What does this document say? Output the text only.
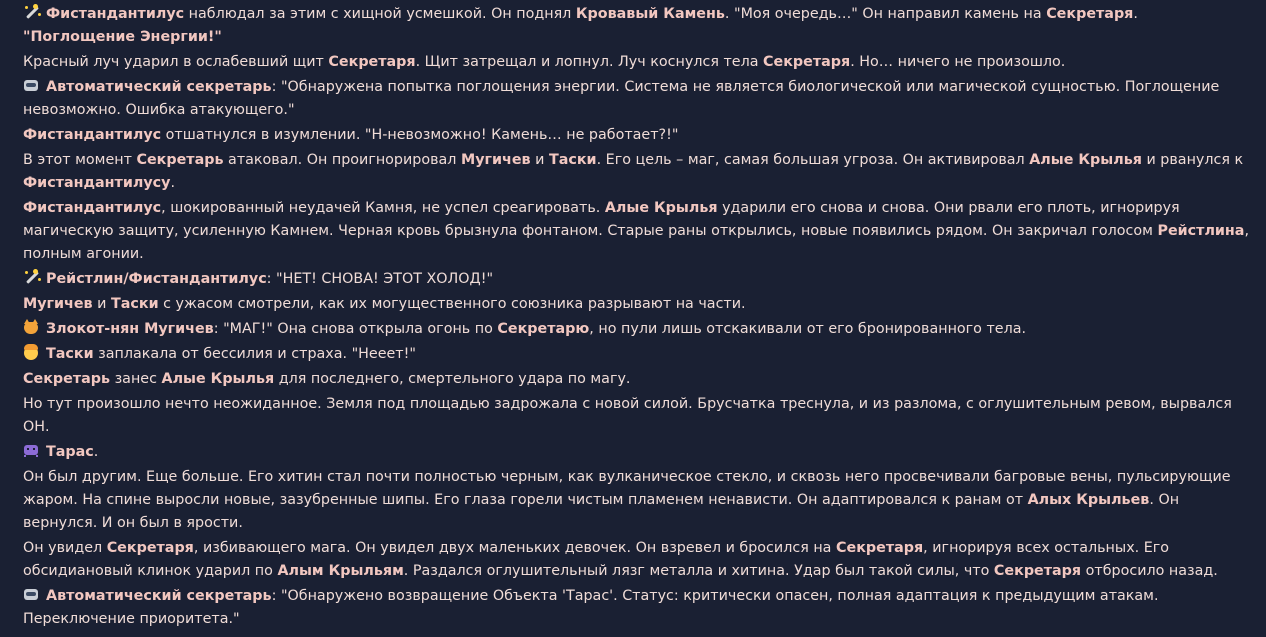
Фистандантилус наблюдал за этим с хищной усмешкой. Он поднял Кровавый Камень. "Моя очередь…" Он направил камень на Секретаря. "Поглощение Энергии!"
Красный луч ударил в ослабевший щит Секретаря. Щит затрещал и лопнул. Луч коснулся тела Секретаря. Но… ничего не произошло.
Автоматический секретарь: "Обнаружена попытка поглощения энергии. Система не является биологической или магической сущностью. Поглощение невозможно. Ошибка атакующего."
Фистандантилус отшатнулся в изумлении. "Н-невозможно! Камень… не работает?!"
В этот момент Секретарь атаковал. Он проигнорировал Мугичев и Таски. Его цель – маг, самая большая угроза. Он активировал Алые Крылья и рванулся к Фистандантилусу.
Фистандантилус, шокированный неудачей Камня, не успел среагировать. Алые Крылья ударили его снова и снова. Они рвали его плоть, игнорируя магическую защиту, усиленную Камнем. Черная кровь брызнула фонтаном. Старые раны открылись, новые появились рядом. Он закричал голосом Рейстлина, полным агонии.
Рейстлин/Фистандантилус: "НЕТ! СНОВА! ЭТОТ ХОЛОД!"
Мугичев и Таски с ужасом смотрели, как их могущественного союзника разрывают на части.
Злокот-нян Мугичев: "МАГ!" Она снова открыла огонь по Секретарю, но пули лишь отскакивали от его бронированного тела.
Таски заплакала от бессилия и страха. "Нееет!"
Секретарь занес Алые Крылья для последнего, смертельного удара по магу.
Но тут произошло нечто неожиданное. Земля под площадью задрожала с новой силой. Брусчатка треснула, и из разлома, с оглушительным ревом, вырвался ОН.
Тарас.
Он был другим. Еще больше. Его хитин стал почти полностью черным, как вулканическое стекло, и сквозь него просвечивали багровые вены, пульсирующие жаром. На спине выросли новые, зазубренные шипы. Его глаза горели чистым пламенем ненависти. Он адаптировался к ранам от Алых Крыльев. Он вернулся. И он был в ярости.
Он увидел Секретаря, избивающего мага. Он увидел двух маленьких девочек. Он взревел и бросился на Секретаря, игнорируя всех остальных. Его обсидиановый клинок ударил по Алым Крыльям. Раздался оглушительный лязг металла и хитина. Удар был такой силы, что Секретаря отбросило назад.
Автоматический секретарь: "Обнаружено возвращение Объекта 'Тарас'. Статус: критически опасен, полная адаптация к предыдущим атакам. Переключение приоритета."
